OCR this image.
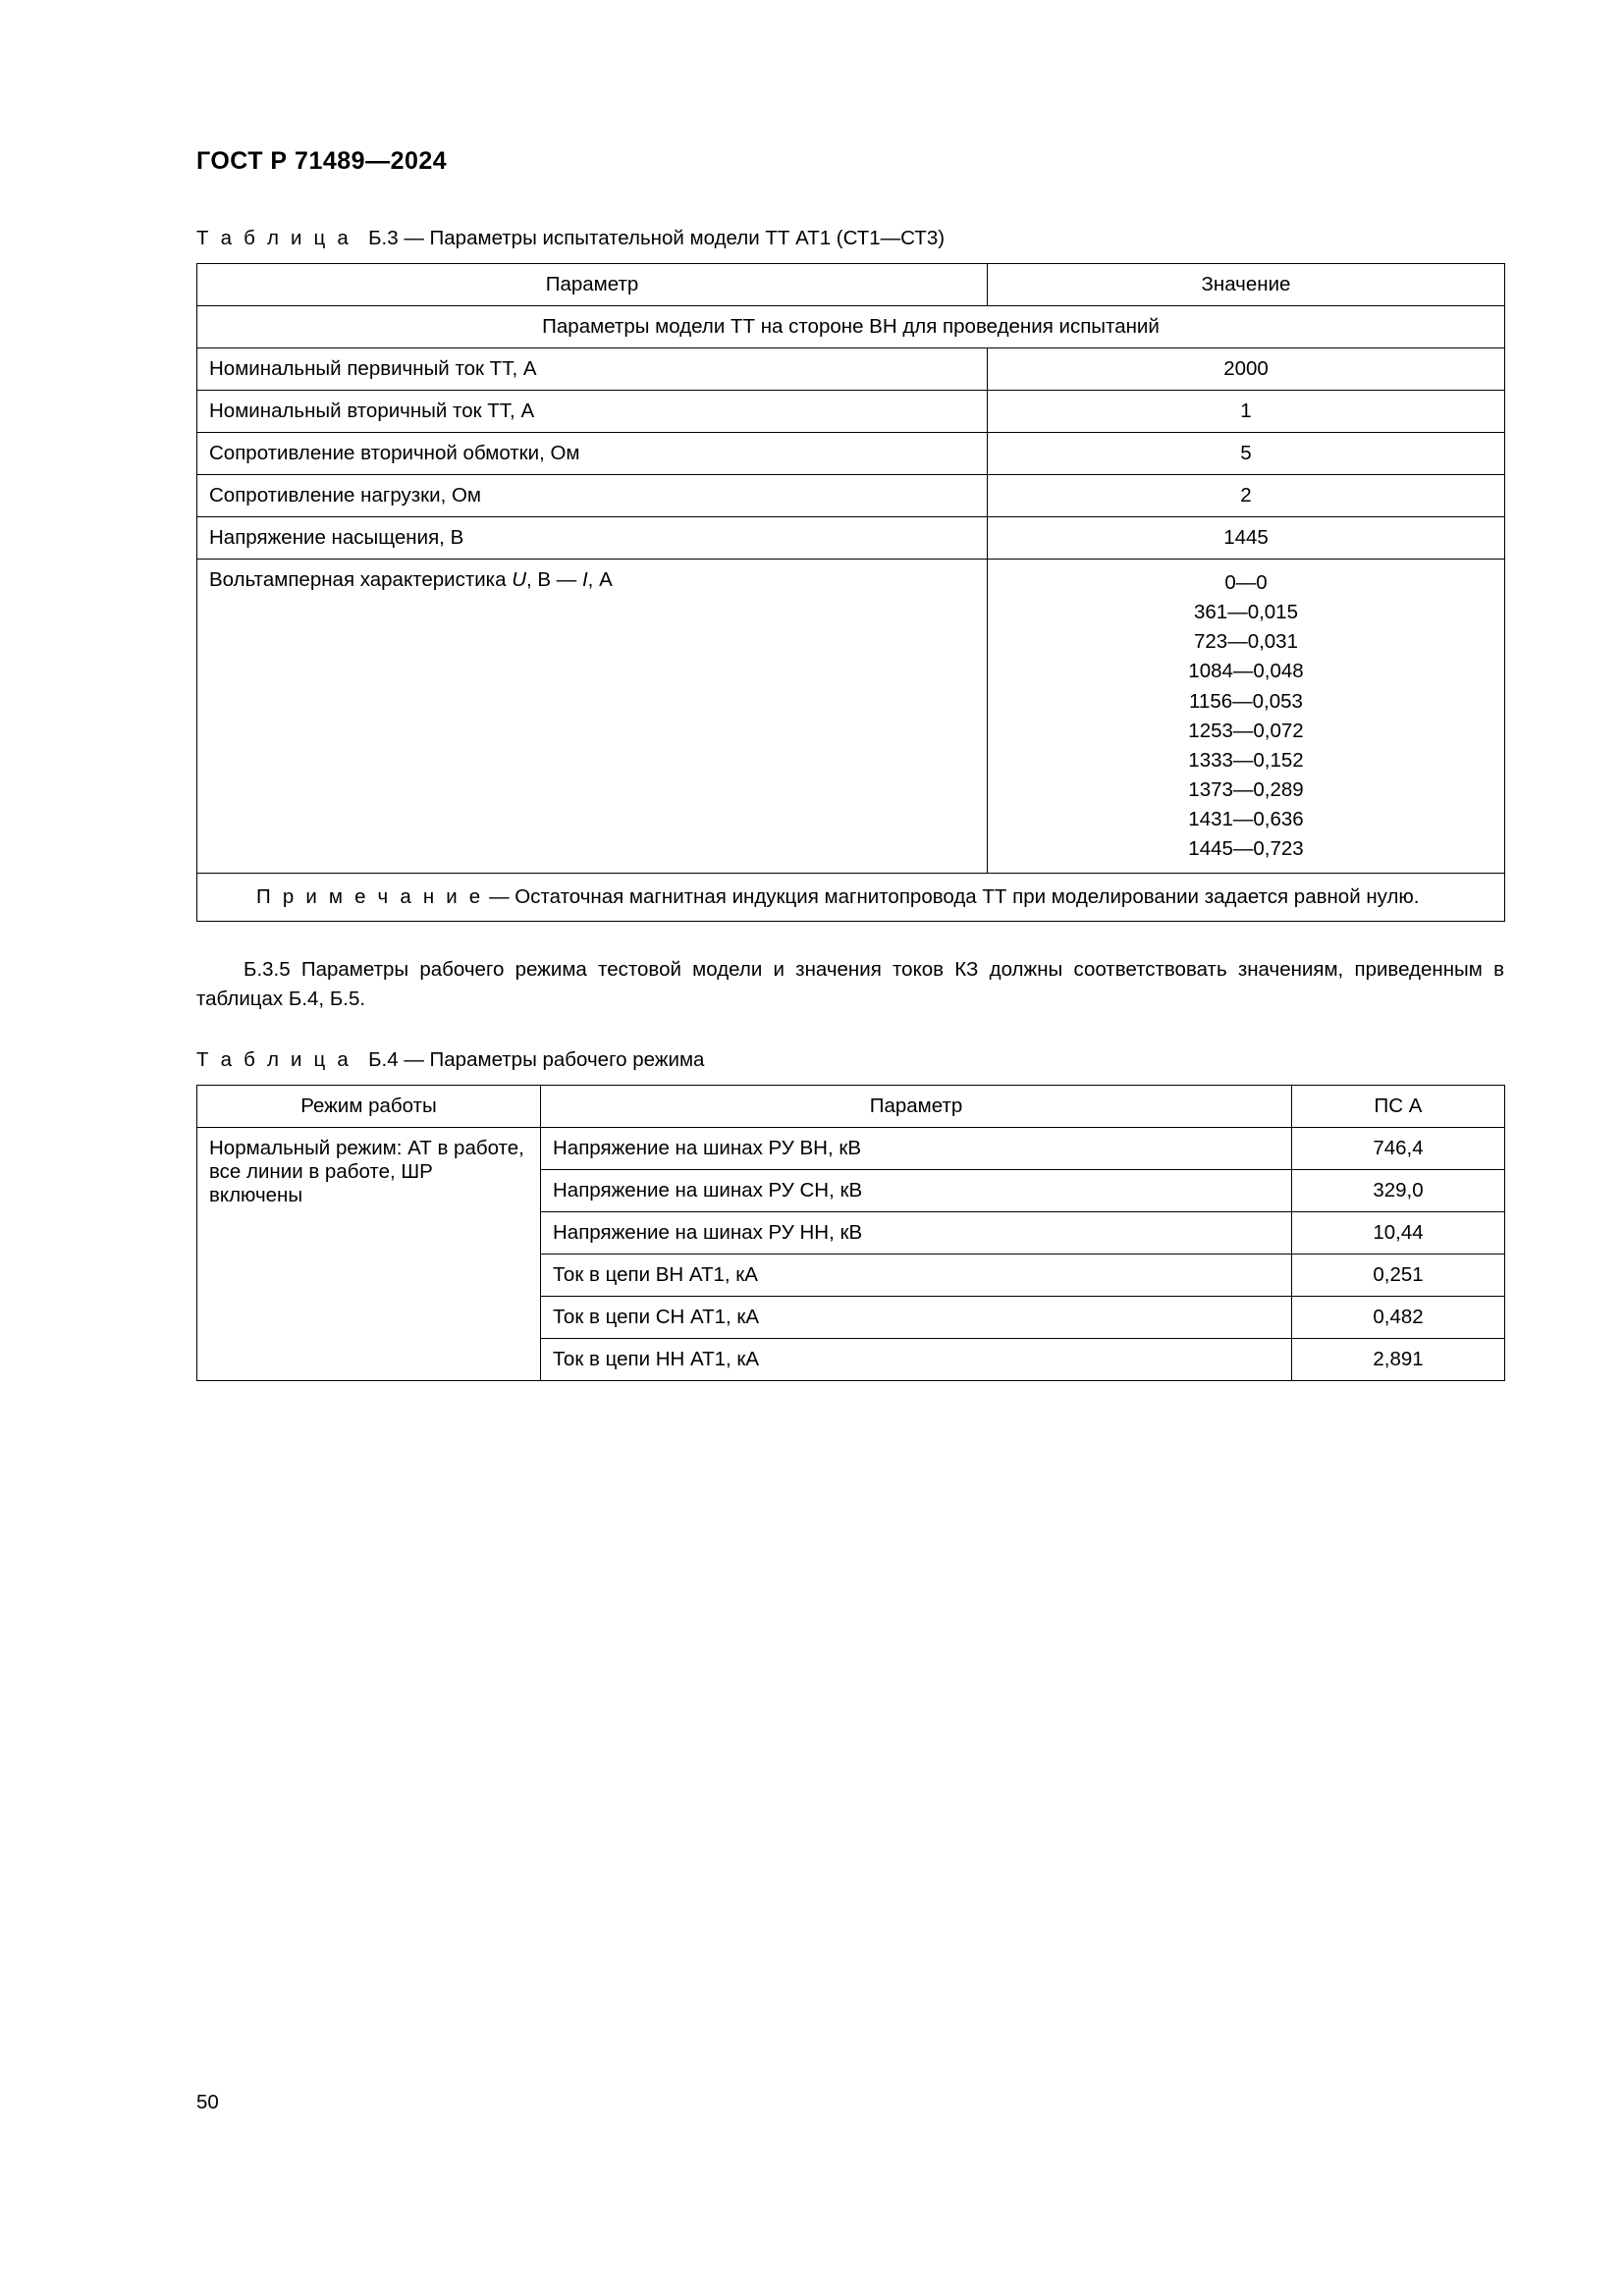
ГОСТ Р 71489—2024
Т а б л и ц а Б.3 — Параметры испытательной модели ТТ АТ1 (СТ1—СТ3)
Параметр	Значение
Параметры модели ТТ на стороне ВН для проведения испытаний	
Номинальный первичный ток ТТ, А	2000
Номинальный вторичный ток ТТ, А	1
Сопротивление вторичной обмотки, Ом	5
Сопротивление нагрузки, Ом	2
Напряжение насыщения, В	1445
Вольтамперная характеристика U, В — I, А	0—0
361—0,015
723—0,031
1084—0,048
1156—0,053
1253—0,072
1333—0,152
1373—0,289
1431—0,636
1445—0,723

П р и м е ч а н и е — Остаточная магнитная индукция магнитопровода ТТ при моделировании задается равной нулю.	
Б.3.5 Параметры рабочего режима тестовой модели и значения токов КЗ должны соответствовать значениям, приведенным в таблицах Б.4, Б.5.
Т а б л и ц а Б.4 — Параметры рабочего режима
Режим работы	Параметр	ПС А
Нормальный режим: АТ в работе, все линии в работе, ШР включены	Напряжение на шинах РУ ВН, кВ	746,4
	Напряжение на шинах РУ СН, кВ	329,0
	Напряжение на шинах РУ НН, кВ	10,44
	Ток в цепи ВН АТ1, кА	0,251
	Ток в цепи СН АТ1, кА	0,482
	Ток в цепи НН АТ1, кА	2,891
50
